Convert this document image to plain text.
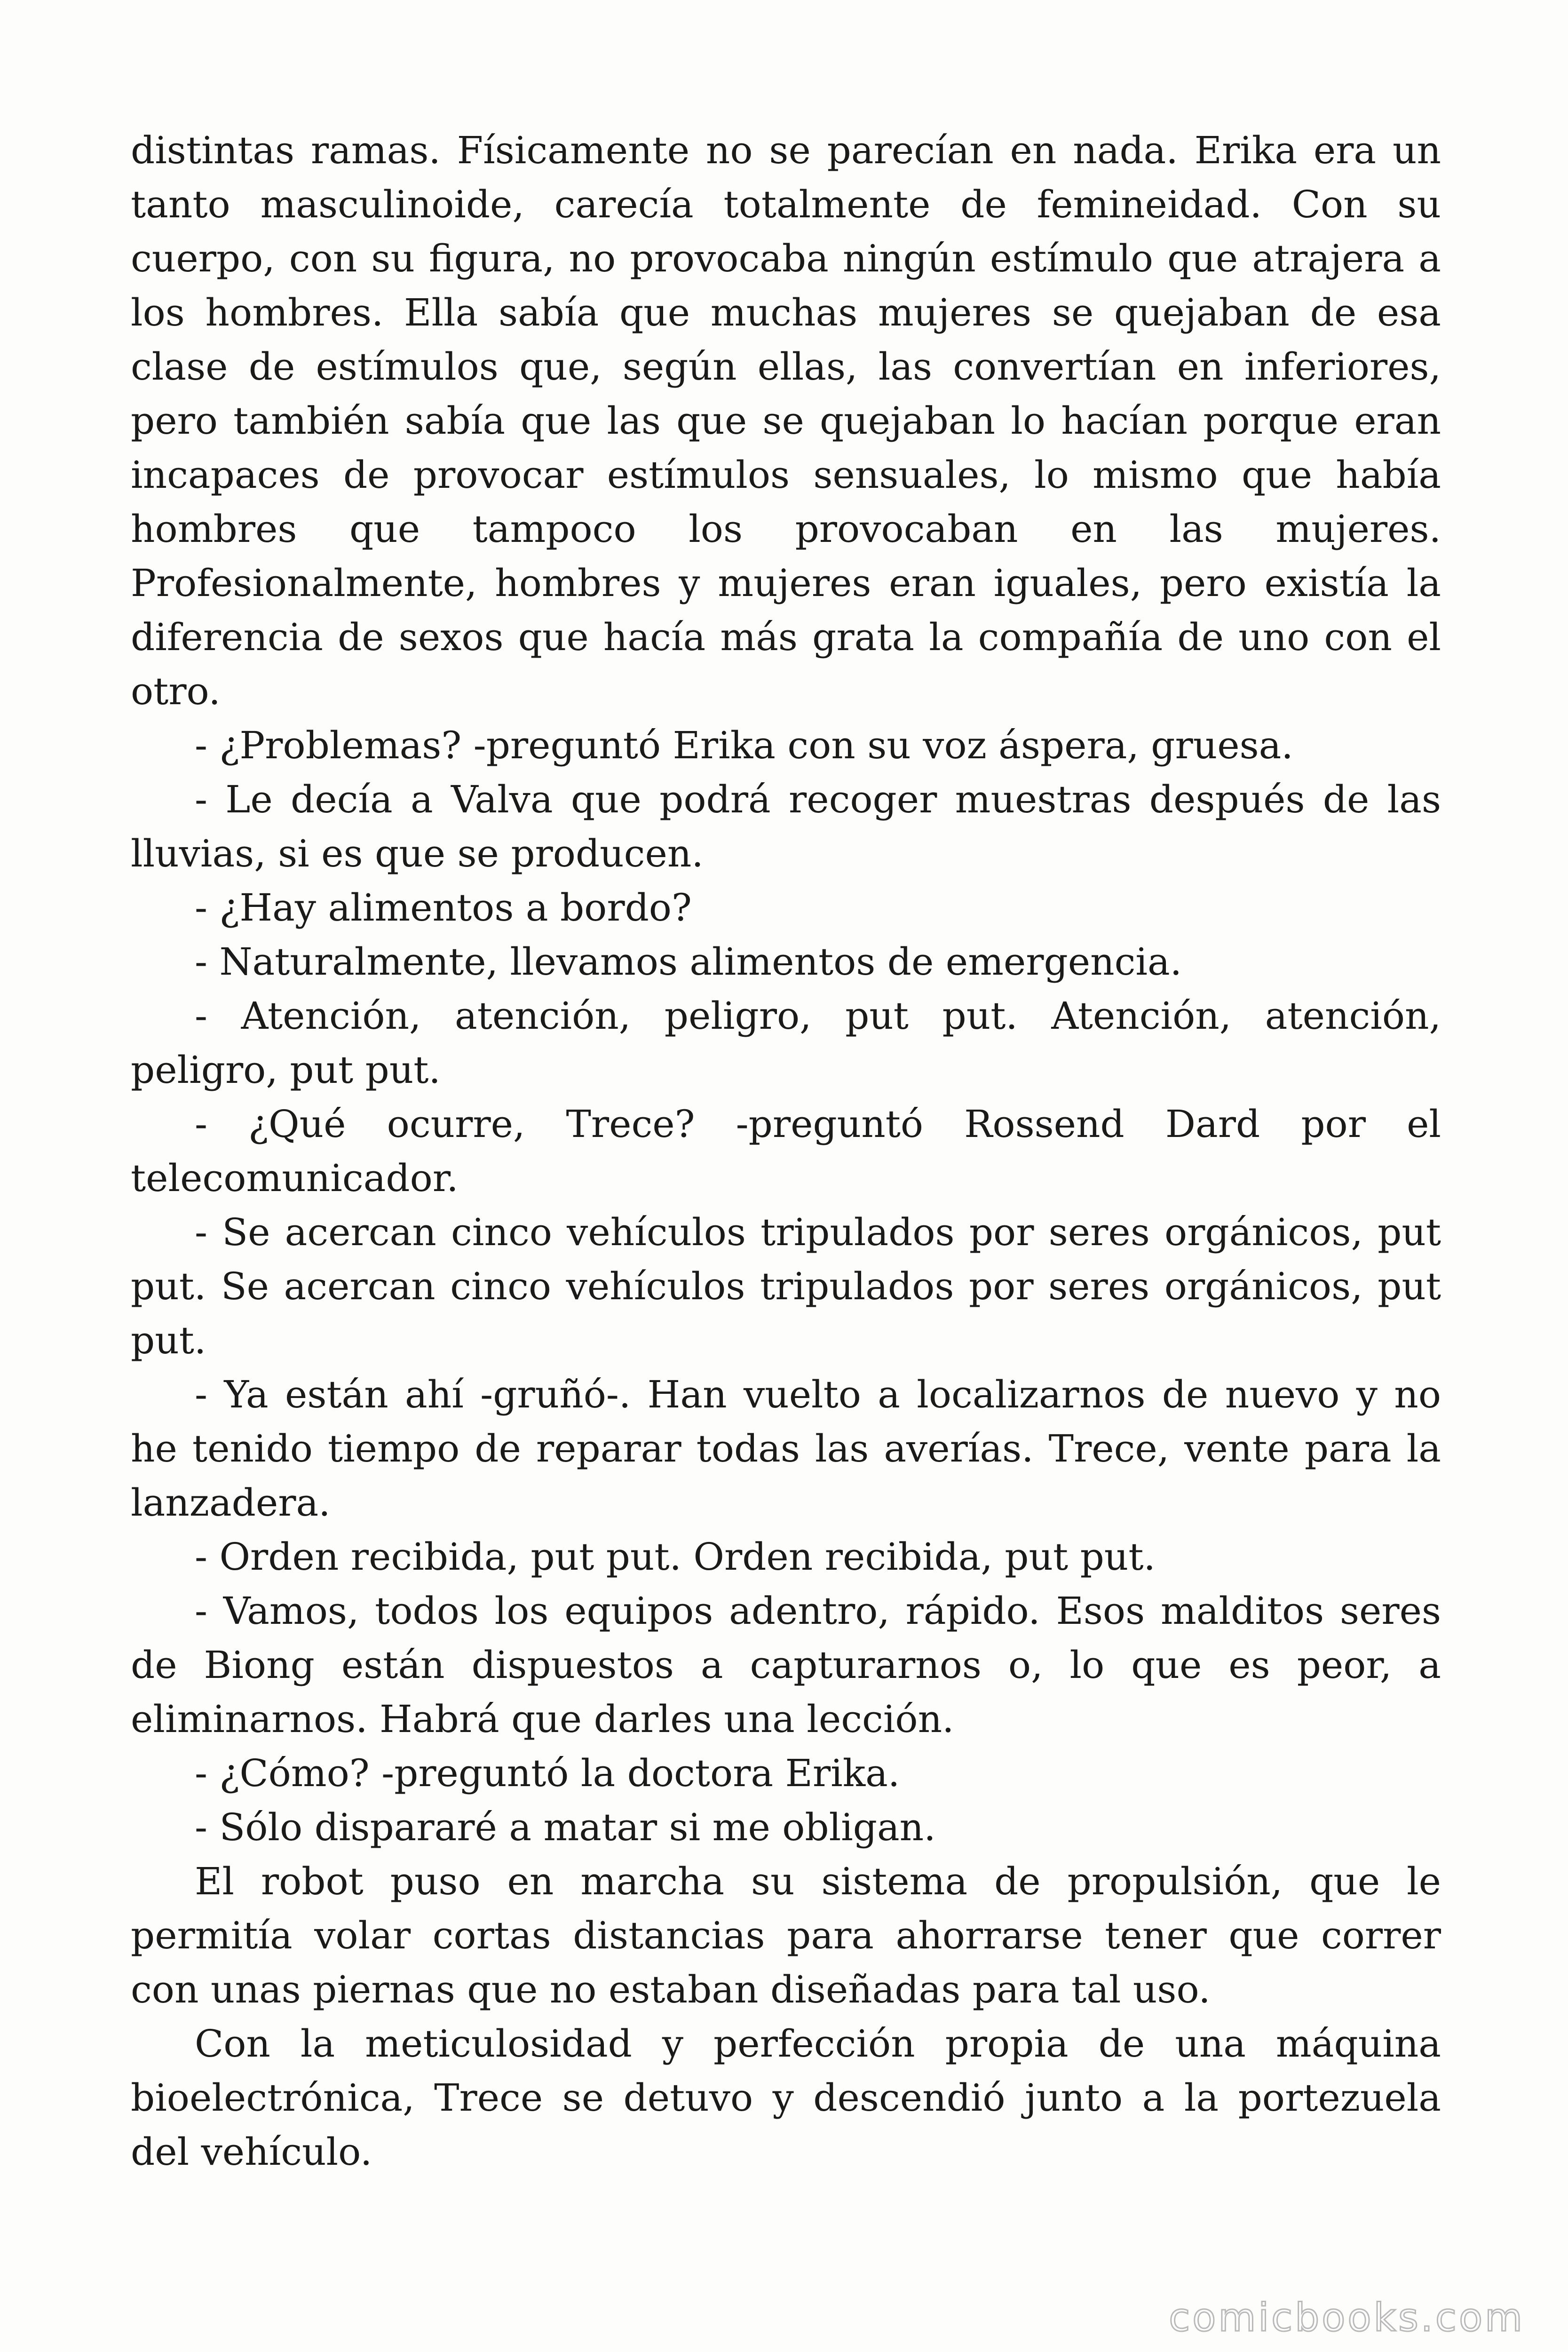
distintas ramas. Físicamente no se parecían en nada. Erika era un tanto masculinoide, carecía totalmente de femineidad. Con su cuerpo, con su figura, no provocaba ningún estímulo que atrajera a los hombres. Ella sabía que muchas mujeres se quejaban de esa clase de estímulos que, según ellas, las convertían en inferiores, pero también sabía que las que se quejaban lo hacían porque eran incapaces de provocar estímulos sensuales, lo mismo que había hombres que tampoco los provocaban en las mujeres. Profesionalmente, hombres y mujeres eran iguales, pero existía la diferencia de sexos que hacía más grata la compañía de uno con el otro.

- ¿Problemas? -preguntó Erika con su voz áspera, gruesa.

- Le decía a Valva que podrá recoger muestras después de las lluvias, si es que se producen.

- ¿Hay alimentos a bordo?

- Naturalmente, llevamos alimentos de emergencia.

- Atención, atención, peligro, put put. Atención, atención, peligro, put put.

- ¿Qué ocurre, Trece? -preguntó Rossend Dard por el telecomunicador.

- Se acercan cinco vehículos tripulados por seres orgánicos, put put. Se acercan cinco vehículos tripulados por seres orgánicos, put put.

- Ya están ahí -gruñó-. Han vuelto a localizarnos de nuevo y no he tenido tiempo de reparar todas las averías. Trece, vente para la lanzadera.

- Orden recibida, put put. Orden recibida, put put.

- Vamos, todos los equipos adentro, rápido. Esos malditos seres de Biong están dispuestos a capturarnos o, lo que es peor, a eliminarnos. Habrá que darles una lección.

- ¿Cómo? -preguntó la doctora Erika.

- Sólo dispararé a matar si me obligan.

El robot puso en marcha su sistema de propulsión, que le permitía volar cortas distancias para ahorrarse tener que correr con unas piernas que no estaban diseñadas para tal uso.

Con la meticulosidad y perfección propia de una máquina bioelectrónica, Trece se detuvo y descendió junto a la portezuela del vehículo.

comicbooks.com
